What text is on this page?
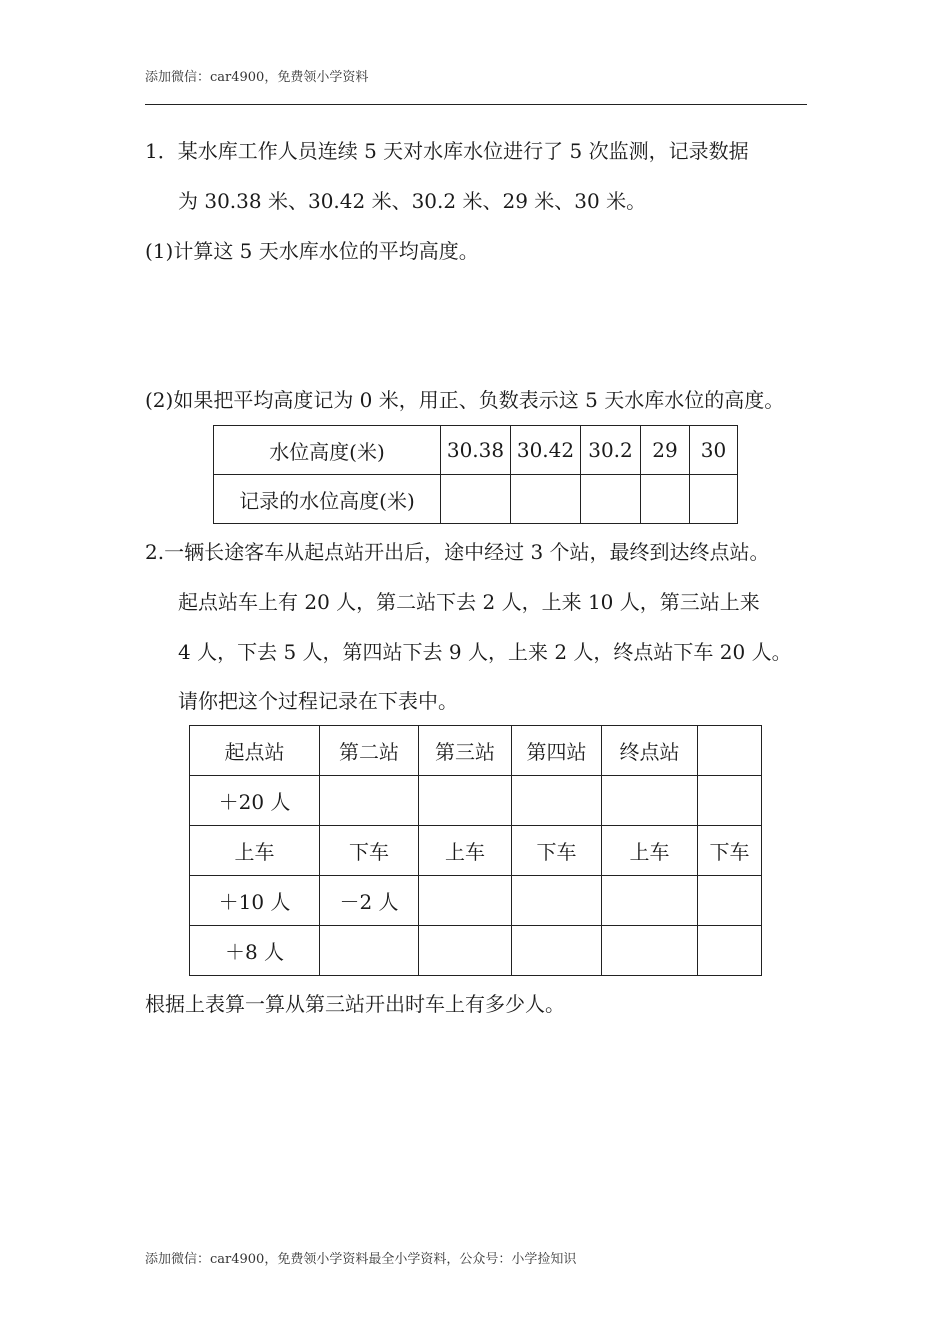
添加微信：car4900，免费领小学资料
1．某水库工作人员连续 5 天对水库水位进行了 5 次监测，记录数据
为 30.38 米、30.42 米、30.2 米、29 米、30 米。
(1)计算这 5 天水库水位的平均高度。
(2)如果把平均高度记为 0 米，用正、负数表示这 5 天水库水位的高度。
水位高度(米)	30.38	30.42	30.2	29	30
记录的水位高度(米)					
2.一辆长途客车从起点站开出后，途中经过 3 个站，最终到达终点站。
起点站车上有 20 人，第二站下去 2 人，上来 10 人，第三站上来
4 人，下去 5 人，第四站下去 9 人，上来 2 人，终点站下车 20 人。
请你把这个过程记录在下表中。
起点站	第二站	第三站	第四站	终点站	
＋20 人					
上车	下车	上车	下车	上车	下车
＋10 人	－2 人				
＋8 人					
根据上表算一算从第三站开出时车上有多少人。
添加微信：car4900，免费领小学资料最全小学资料，公众号：小学捡知识
